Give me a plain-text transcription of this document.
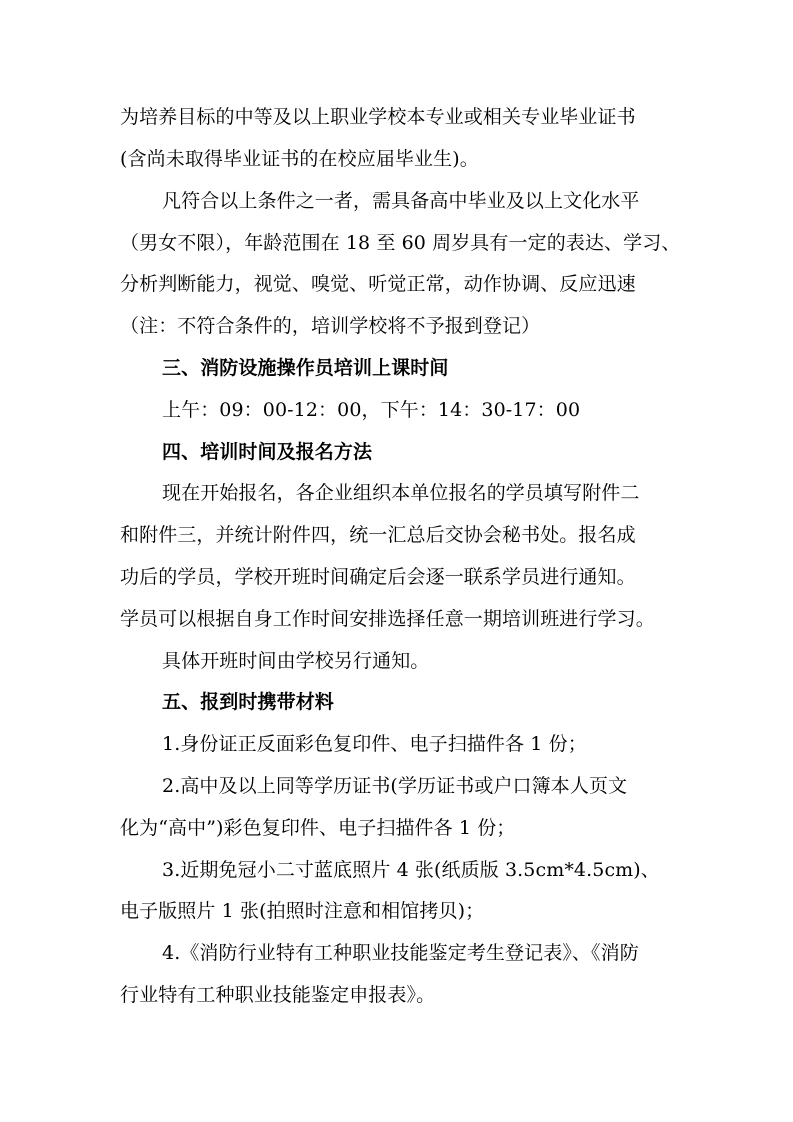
为培养目标的中等及以上职业学校本专业或相关专业毕业证书
(含尚未取得毕业证书的在校应届毕业生)。
凡符合以上条件之一者，需具备高中毕业及以上文化水平
（男女不限），年龄范围在 18 至 60 周岁具有一定的表达、学习、
分析判断能力，视觉、嗅觉、听觉正常，动作协调、反应迅速
（注：不符合条件的，培训学校将不予报到登记）
三、消防设施操作员培训上课时间
上午：09：00-12：00，下午：14：30-17：00
四、培训时间及报名方法
现在开始报名，各企业组织本单位报名的学员填写附件二
和附件三，并统计附件四，统一汇总后交协会秘书处。报名成
功后的学员，学校开班时间确定后会逐一联系学员进行通知。
学员可以根据自身工作时间安排选择任意一期培训班进行学习。
具体开班时间由学校另行通知。
五、报到时携带材料
1.身份证正反面彩色复印件、电子扫描件各 1 份；
2.高中及以上同等学历证书(学历证书或户口簿本人页文
化为“高中”)彩色复印件、电子扫描件各 1 份；
3.近期免冠小二寸蓝底照片 4 张(纸质版 3.5cm*4.5cm)、
电子版照片 1 张(拍照时注意和相馆拷贝)；
4.《消防行业特有工种职业技能鉴定考生登记表》、《消防
行业特有工种职业技能鉴定申报表》。
